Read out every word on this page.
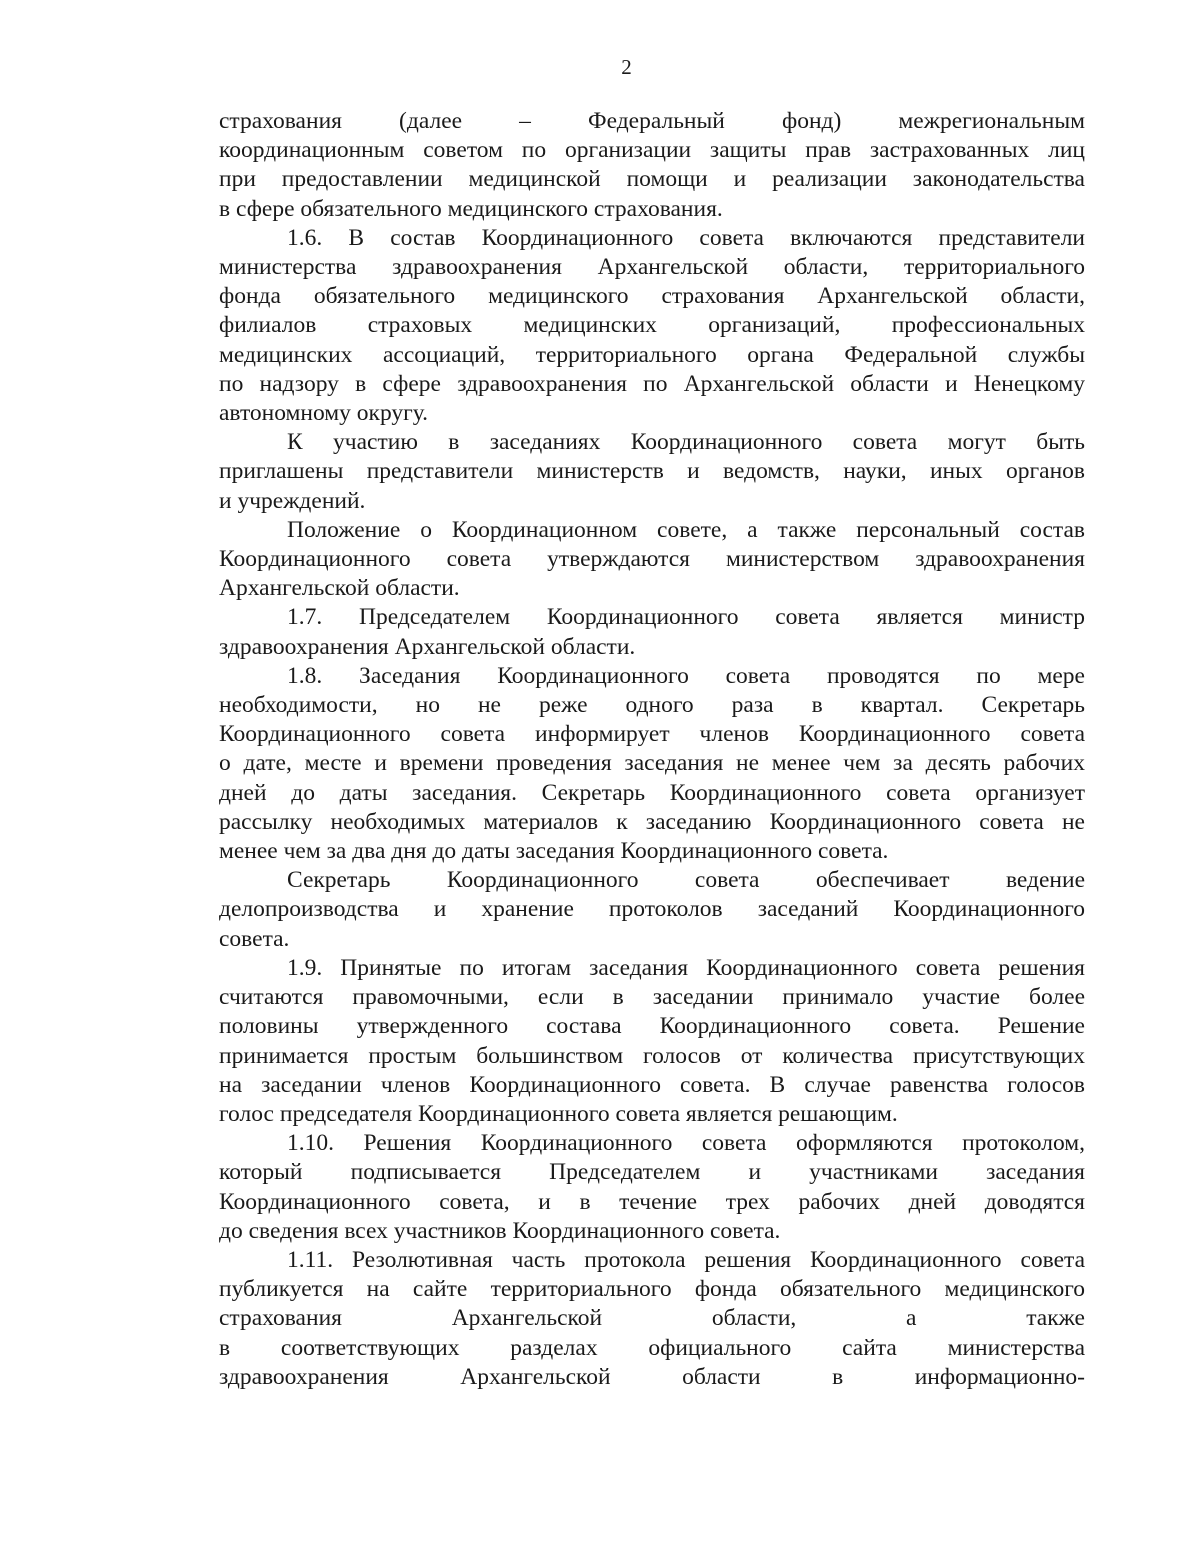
2

страхования (далее – Федеральный фонд) межрегиональным
координационным советом по организации защиты прав застрахованных лиц
при предоставлении медицинской помощи и реализации законодательства
в сфере обязательного медицинского страхования.

1.6. В состав Координационного совета включаются представители
министерства здравоохранения Архангельской области, территориального
фонда обязательного медицинского страхования Архангельской области,
филиалов страховых медицинских организаций, профессиональных
медицинских ассоциаций, территориального органа Федеральной службы
по надзору в сфере здравоохранения по Архангельской области и Ненецкому
автономному округу.

К участию в заседаниях Координационного совета могут быть
приглашены представители министерств и ведомств, науки, иных органов
и учреждений.

Положение о Координационном совете, а также персональный состав
Координационного совета утверждаются министерством здравоохранения
Архангельской области.

1.7. Председателем Координационного совета является министр
здравоохранения Архангельской области.

1.8. Заседания Координационного совета проводятся по мере
необходимости, но не реже одного раза в квартал. Секретарь
Координационного совета информирует членов Координационного совета
о дате, месте и времени проведения заседания не менее чем за десять рабочих
дней до даты заседания. Секретарь Координационного совета организует
рассылку необходимых материалов к заседанию Координационного совета не
менее чем за два дня до даты заседания Координационного совета.

Секретарь Координационного совета обеспечивает ведение
делопроизводства и хранение протоколов заседаний Координационного
совета.

1.9. Принятые по итогам заседания Координационного совета решения
считаются правомочными, если в заседании принимало участие более
половины утвержденного состава Координационного совета. Решение
принимается простым большинством голосов от количества присутствующих
на заседании членов Координационного совета. В случае равенства голосов
голос председателя Координационного совета является решающим.

1.10. Решения Координационного совета оформляются протоколом,
который подписывается Председателем и участниками заседания
Координационного совета, и в течение трех рабочих дней доводятся
до сведения всех участников Координационного совета.

1.11. Резолютивная часть протокола решения Координационного совета
публикуется на сайте территориального фонда обязательного медицинского
страхования Архангельской области, а также
в соответствующих разделах официального сайта министерства
здравоохранения Архангельской области в информационно-
